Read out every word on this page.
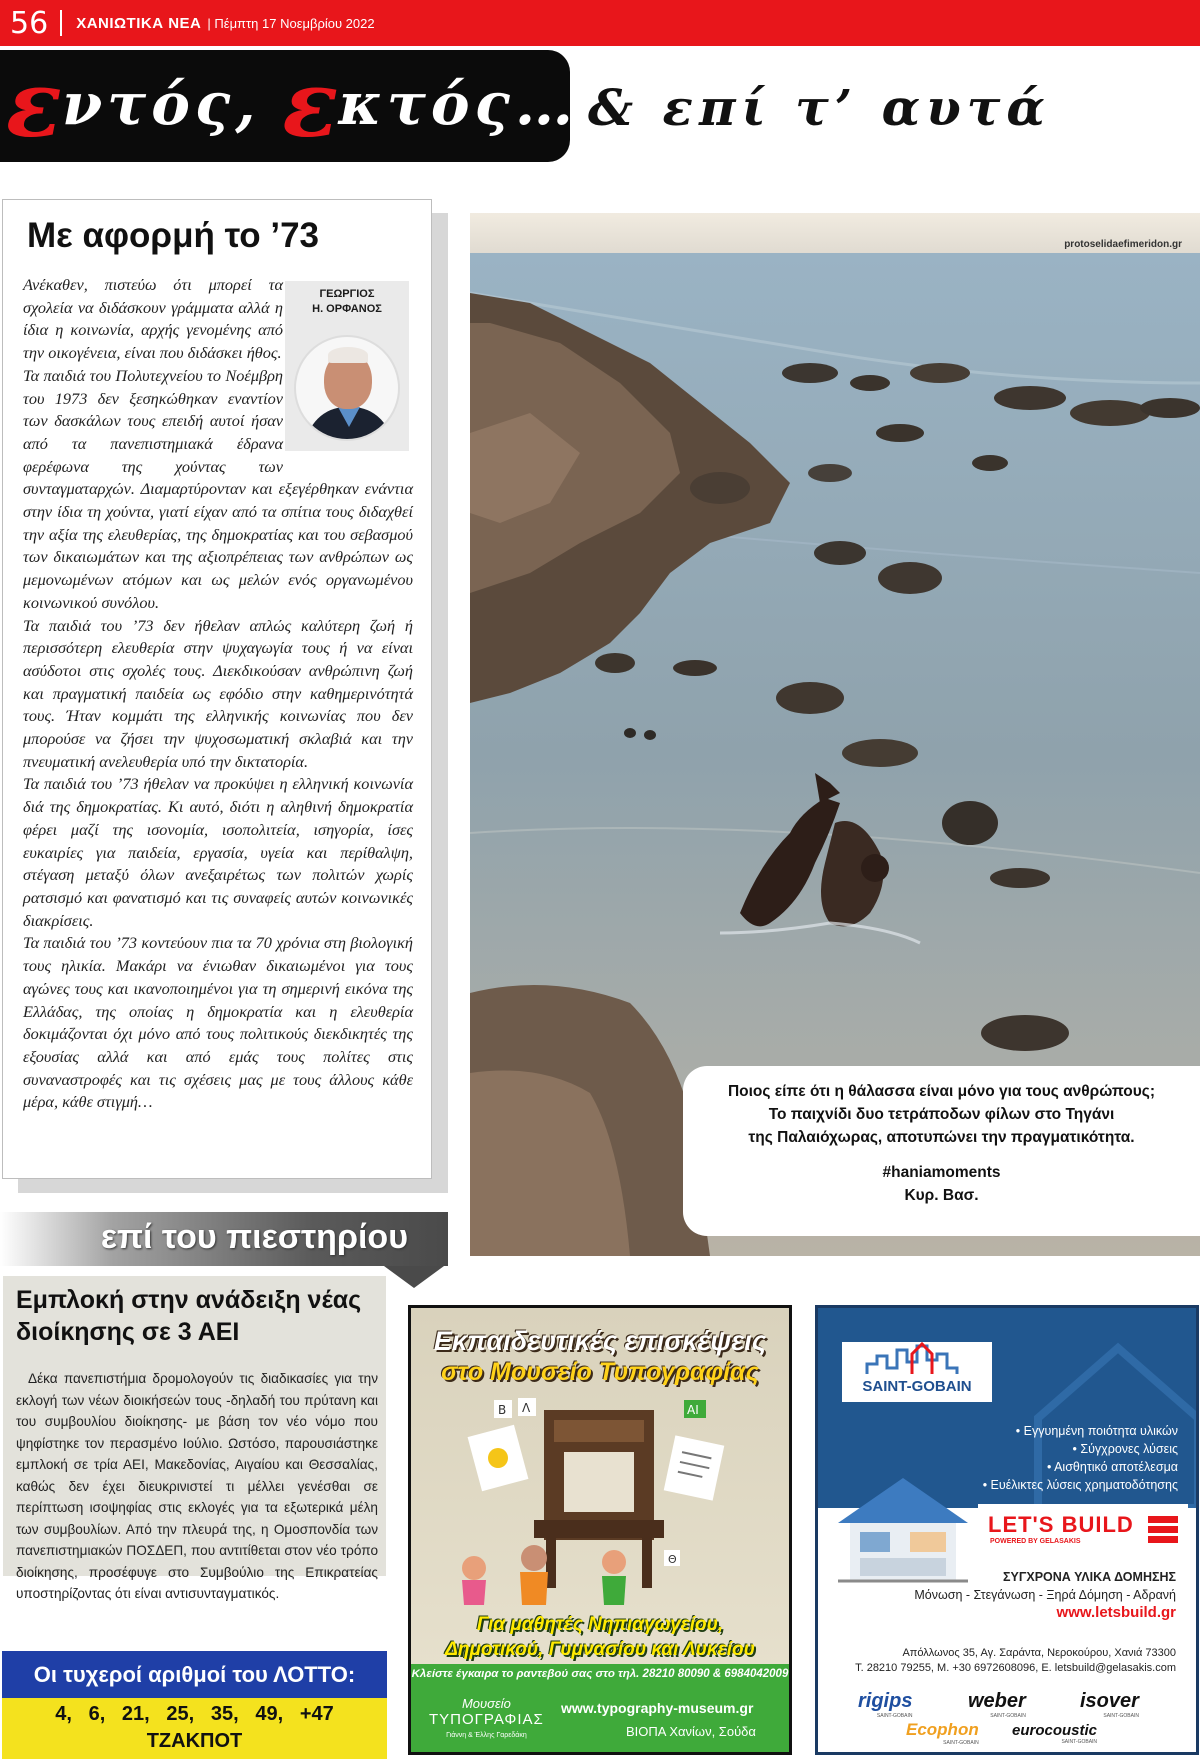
56 ΧΑΝΙΩΤΙΚΑ ΝΕΑ | Πέμπτη 17 Νοεμβρίου 2022
ε ντός, ε κτός… & επί τ’ αυτά
Με αφορμή το ’73
ΓΕΩΡΓΙΟΣ
Η. ΟΡΦΑΝΟΣ

Ανέκαθεν, πιστεύω ότι μπορεί τα σχολεία να διδάσκουν γράμματα αλλά η ίδια η κοινωνία, αρχής γενομένης από την οικογένεια, είναι που διδάσκει ήθος.

Τα παιδιά του Πολυτεχνείου το Νοέμβρη του 1973 δεν ξεσηκώθηκαν εναντίον των δασκάλων τους επειδή αυτοί ήσαν από τα πανεπιστημιακά έδρανα φερέφωνα της χούντας των συνταγματαρχών. Διαμαρτύρονταν και εξεγέρθηκαν ενάντια στην ίδια τη χούντα, γιατί είχαν από τα σπίτια τους διδαχθεί την αξία της ελευθερίας, της δημοκρατίας και του σεβασμού των δικαιωμάτων και της αξιοπρέπειας των ανθρώπων ως μεμονωμένων ατόμων και ως μελών ενός οργανωμένου κοινωνικού συνόλου.

Τα παιδιά του ’73 δεν ήθελαν απλώς καλύτερη ζωή ή περισσότερη ελευθερία στην ψυχαγωγία τους ή να είναι ασύδοτοι στις σχολές τους. Διεκδικούσαν ανθρώπινη ζωή και πραγματική παιδεία ως εφόδιο στην καθημερινότητά τους. Ήταν κομμάτι της ελληνικής κοινωνίας που δεν μπορούσε να ζήσει την ψυχοσωματική σκλαβιά και την πνευματική ανελευθερία υπό την δικτατορία.

Τα παιδιά του ’73 ήθελαν να προκύψει η ελληνική κοινωνία διά της δημοκρατίας. Κι αυτό, διότι η αληθινή δημοκρατία φέρει μαζί της ισονομία, ισοπολιτεία, ισηγορία, ίσες ευκαιρίες για παιδεία, εργασία, υγεία και περίθαλψη, στέγαση μεταξύ όλων ανεξαιρέτως των πολιτών χωρίς ρατσισμό και φανατισμό και τις συναφείς αυτών κοινωνικές διακρίσεις.

Τα παιδιά του ’73 κοντεύουν πια τα 70 χρόνια στη βιολογική τους ηλικία. Μακάρι να ένιωθαν δικαιωμένοι για τους αγώνες τους και ικανοποιημένοι για τη σημερινή εικόνα της Ελλάδας, της οποίας η δημοκρατία και η ελευθερία δοκιμάζονται όχι μόνο από τους πολιτικούς διεκδικητές της εξουσίας αλλά και από εμάς τους πολίτες στις συναναστροφές και τις σχέσεις μας με τους άλλους κάθε μέρα, κάθε στιγμή…

protoselidaefimeridon.gr
Ποιος είπε ότι η θάλασσα είναι μόνο για τους ανθρώπους;
Το παιχνίδι δυο τετράποδων φίλων στο Τηγάνι
της Παλαιόχωρας, αποτυπώνει την πραγματικότητα.
#haniamoments
Κυρ. Βασ.
επί του πιεστηρίου
Εμπλοκή στην ανάδειξη νέας διοίκησης σε 3 ΑΕΙ
Δέκα πανεπιστήμια δρομολογούν τις διαδικασίες για την εκλογή των νέων διοικήσεών τους -δηλαδή του πρύτανη και του συμβουλίου διοίκησης- με βάση τον νέο νόμο που ψηφίστηκε τον περασμένο Ιούλιο. Ωστόσο, παρουσιάστηκε εμπλοκή σε τρία ΑΕΙ, Μακεδονίας, Αιγαίου και Θεσσαλίας, καθώς δεν έχει διευκρινιστεί τι μέλλει γενέσθαι σε περίπτωση ισοψηφίας στις εκλογές για τα εξωτερικά μέλη των συμβουλίων. Από την πλευρά της, η Ομοσπονδία των πανεπιστημιακών ΠΟΣΔΕΠ, που αντιτίθεται στον νέο τρόπο διοίκησης, προσέφυγε στο Συμβούλιο της Επικρατείας υποστηρίζοντας ότι είναι αντισυνταγματικός.
Οι τυχεροί αριθμοί του ΛΟΤΤΟ:
4,   6,   21,   25,   35,   49,   +47
ΤΖΑΚΠΟΤ
Εκπαιδευτικές επισκέψεις
στο Μουσείο Τυπογραφίας
Β Λ	ΑΙ
Θ
Για μαθητές Νηπιαγωγείου,
Δημοτικού, Γυμνασίου και Λυκείου
Κλείστε έγκαιρα το ραντεβού σας στο τηλ. 28210 80090 & 6984042009
Μουσείο
ΤΥΠΟΓΡΑΦΙΑΣ
Γιάννη & Έλλης Γαρεδάκη
www.typography-museum.gr
ΒΙΟΠΑ Χανίων, Σούδα
SAINT-GOBAIN
• Εγγυημένη ποιότητα υλικών
• Σύγχρονες λύσεις
• Αισθητικό αποτέλεσμα
• Ευέλικτες λύσεις χρηματοδότησης
LET'S BUILD
POWERED BY GELASAKIS
ΣΥΓΧΡΟΝΑ ΥΛΙΚΑ ΔΟΜΗΣΗΣ
Μόνωση - Στεγάνωση - Ξηρά Δόμηση - Αδρανή
www.letsbuild.gr
Απόλλωνος 35, Αγ. Σαράντα, Νεροκούρου, Χανιά 73300
Τ. 28210 79255, Μ. +30 6972608096, Ε. letsbuild@gelasakis.com
rigips
SAINT-GOBAIN
weber
SAINT-GOBAIN
isover
SAINT-GOBAIN
Ecophon
SAINT-GOBAIN
eurocoustic
SAINT-GOBAIN
